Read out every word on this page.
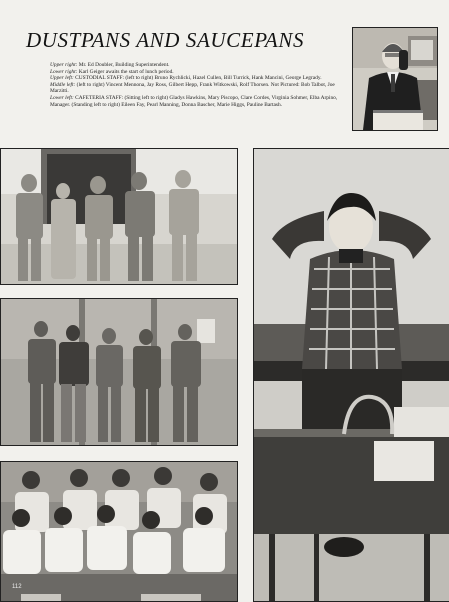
DUSTPANS AND SAUCEPANS

Upper right: Mr. Ed Doubler, Building Superintendent.

Lower right: Karl Geiger awaits the start of lunch period.

Upper left: CUSTODIAL STAFF: (left to right) Bruno Rychlicki, Hazel Cullen, Bill Turrick, Hank Mancini, George Legrady.

Middle left: (left to right) Vincent Mennona, Jay Ross, Gilbert Hepp, Frank Witkowski, Rolf Thorsen. Not Pictured: Bob Talbot, Joe Marzitti.

Lower left: CAFETERIA STAFF: (Sitting left to right) Gladys Hawkins, Mary Piscopo, Clare Cordes, Virginia Sohmer, Elba Arpino, Manager. (Standing left to right) Eileen Fay, Pearl Manning, Donna Bascher, Marie Higgs, Pauline Bartash.

112
